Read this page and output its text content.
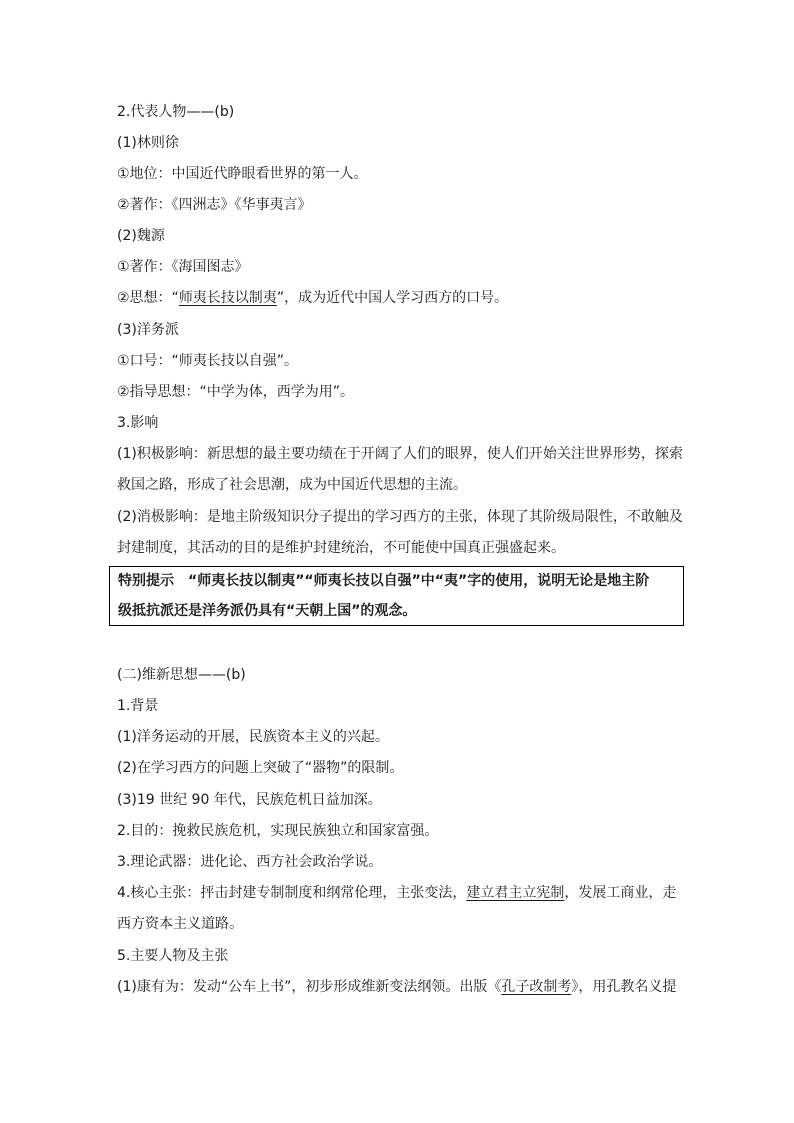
2.代表人物——(b)
(1)林则徐
①地位：中国近代睁眼看世界的第一人。
②著作：《四洲志》《华事夷言》
(2)魏源
①著作：《海国图志》
②思想：“师夷长技以制夷”，成为近代中国人学习西方的口号。
(3)洋务派
①口号：“师夷长技以自强”。
②指导思想：“中学为体，西学为用”。
3.影响
(1)积极影响：新思想的最主要功绩在于开阔了人们的眼界，使人们开始关注世界形势，探索
救国之路，形成了社会思潮，成为中国近代思想的主流。
(2)消极影响：是地主阶级知识分子提出的学习西方的主张，体现了其阶级局限性，不敢触及
封建制度，其活动的目的是维护封建统治，不可能使中国真正强盛起来。
特别提示　“师夷长技以制夷”“师夷长技以自强”中“夷”字的使用，说明无论是地主阶
级抵抗派还是洋务派仍具有“天朝上国”的观念。
(二)维新思想——(b)
1.背景
(1)洋务运动的开展，民族资本主义的兴起。
(2)在学习西方的问题上突破了“器物”的限制。
(3)19 世纪 90 年代，民族危机日益加深。
2.目的：挽救民族危机，实现民族独立和国家富强。
3.理论武器：进化论、西方社会政治学说。
4.核心主张：抨击封建专制制度和纲常伦理，主张变法，建立君主立宪制，发展工商业，走
西方资本主义道路。
5.主要人物及主张
(1)康有为：发动“公车上书”，初步形成维新变法纲领。出版《孔子改制考》，用孔教名义提
